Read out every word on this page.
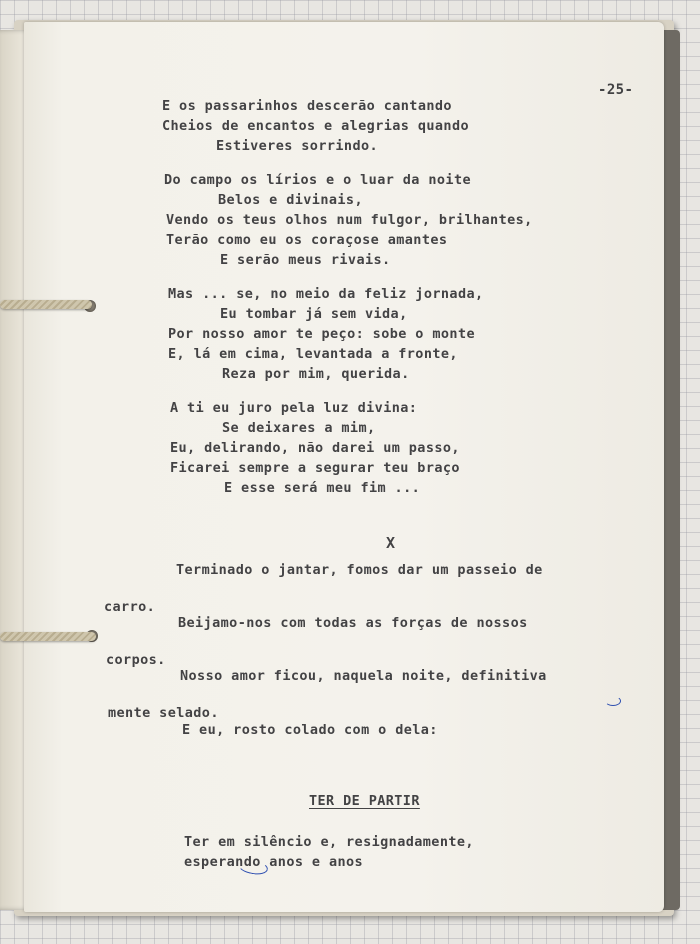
-25-
E os passarinhos descerão cantando
Cheios de encantos e alegrias quando
Estiveres sorrindo.
Do campo os lírios e o luar da noite
Belos e divinais,
Vendo os teus olhos num fulgor, brilhantes,
Terão como eu os coraçose amantes
E serão meus rivais.
Mas ... se, no meio da feliz jornada,
Eu tombar já sem vida,
Por nosso amor te peço: sobe o monte
E, lá em cima, levantada a fronte,
Reza por mim, querida.
A ti eu juro pela luz divina:
Se deixares a mim,
Eu, delirando, não darei um passo,
Ficarei sempre a segurar teu braço
E esse será meu fim ...
X
Terminado o jantar, fomos dar um passeio de
carro.
Beijamo-nos com todas as forças de nossos
corpos.
Nosso amor ficou, naquela noite, definitiva
mente selado.
E eu, rosto colado com o dela:
TER DE PARTIR
Ter em silêncio e, resignadamente,
esperando anos e anos
